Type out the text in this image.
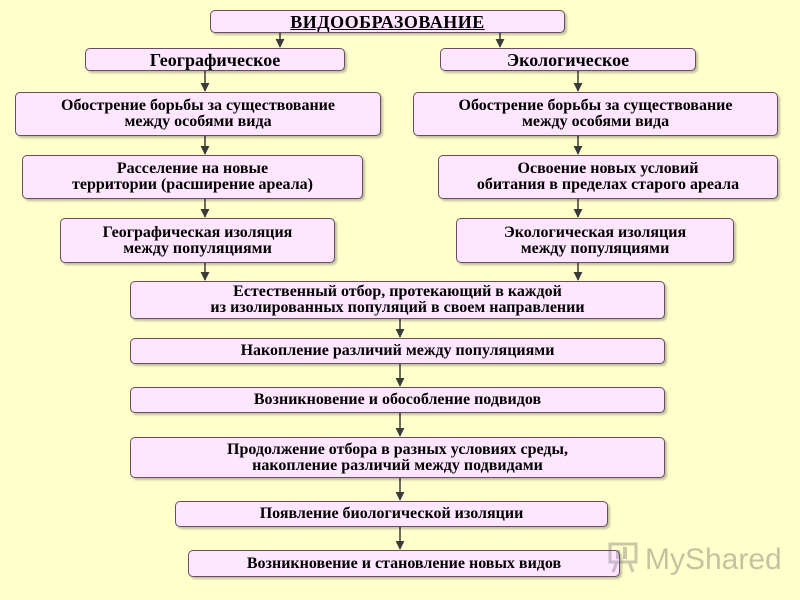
ВИДООБРАЗОВАНИЕ
Географическое	Экологическое
Обострение борьбы за существование
между особями вида
Обострение борьбы за существование
между особями вида
Расселение на новые
территории (расширение ареала)
Освоение новых условий
обитания в пределах старого ареала
Географическая изоляция
между популяциями
Экологическая изоляция
между популяциями
Естественный отбор, протекающий в каждой
из изолированных популяций в своем направлении
Накопление различий между популяциями
Возникновение и обособление подвидов
Продолжение отбора в разных условиях среды,
накопление различий между подвидами
Появление биологической изоляции
Возникновение и становление новых видов	MyShared
